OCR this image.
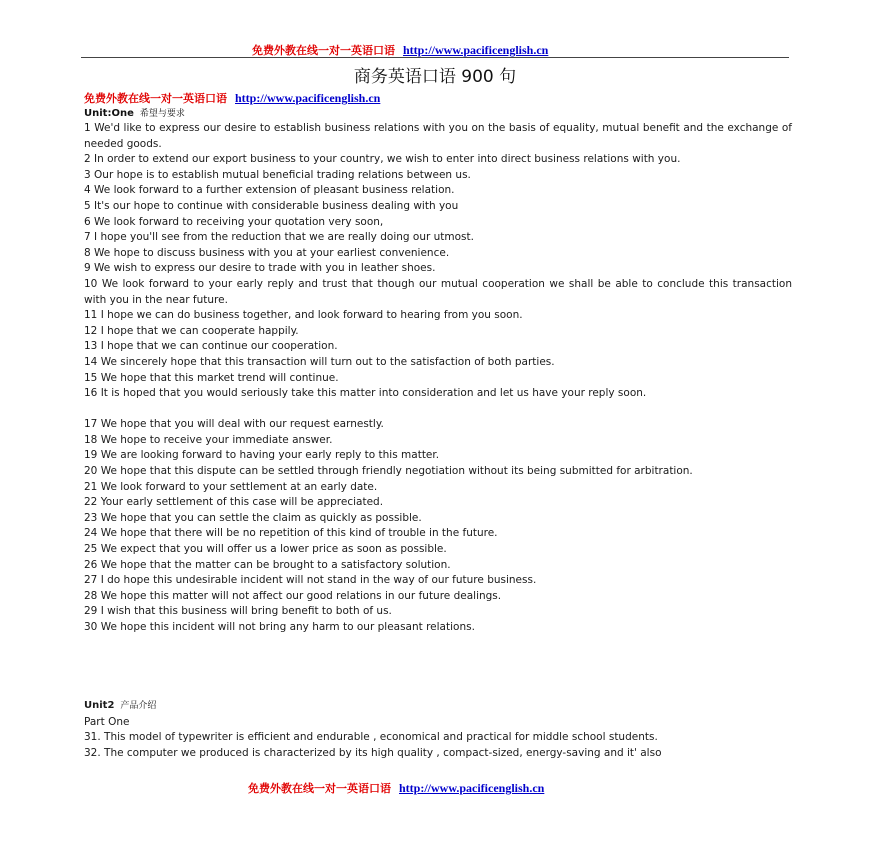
免费外教在线一对一英语口语 http://www.pacificenglish.cn
商务英语口语 900 句
免费外教在线一对一英语口语 http://www.pacificenglish.cn
Unit:One 希望与要求
1 We'd like to express our desire to establish business relations with you on the basis of equality, mutual benefit and the exchange of needed goods.
2 In order to extend our export business to your country, we wish to enter into direct business relations with you.
3 Our hope is to establish mutual beneficial trading relations between us.
4 We look forward to a further extension of pleasant business relation.
5 It's our hope to continue with considerable business dealing with you
6 We look forward to receiving your quotation very soon,
7 I hope you'll see from the reduction that we are really doing our utmost.
8 We hope to discuss business with you at your earliest convenience.
9 We wish to express our desire to trade with you in leather shoes.
10 We look forward to your early reply and trust that though our mutual cooperation we shall be able to conclude this transaction with you in the near future.
11 I hope we can do business together, and look forward to hearing from you soon.
12 I hope that we can cooperate happily.
13 I hope that we can continue our cooperation.
14 We sincerely hope that this transaction will turn out to the satisfaction of both parties.
15 We hope that this market trend will continue.
16 It is hoped that you would seriously take this matter into consideration and let us have your reply soon.
17 We hope that you will deal with our request earnestly.
18 We hope to receive your immediate answer.
19 We are looking forward to having your early reply to this matter.
20 We hope that this dispute can be settled through friendly negotiation without its being submitted for arbitration.
21 We look forward to your settlement at an early date.
22 Your early settlement of this case will be appreciated.
23 We hope that you can settle the claim as quickly as possible.
24 We hope that there will be no repetition of this kind of trouble in the future.
25 We expect that you will offer us a lower price as soon as possible.
26 We hope that the matter can be brought to a satisfactory solution.
27 I do hope this undesirable incident will not stand in the way of our future business.
28 We hope this matter will not affect our good relations in our future dealings.
29 I wish that this business will bring benefit to both of us.
30 We hope this incident will not bring any harm to our pleasant relations.
Unit2 产品介绍
Part One
31. This model of typewriter is efficient and endurable , economical and practical for middle school students.
32. The computer we produced is characterized by its high quality , compact-sized, energy-saving and it' also
免费外教在线一对一英语口语 http://www.pacificenglish.cn
